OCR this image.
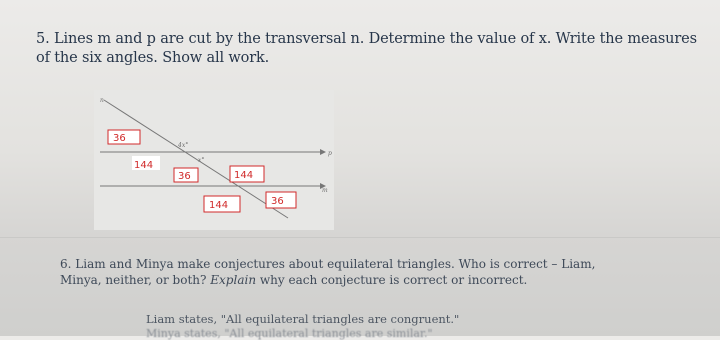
5. Lines m and p are cut by the transversal n. Determine the value of x. Write the measures
of the six angles. Show all work.
n
p
m
4x°
x°
36
144
36	144
144	36
6. Liam and Minya make conjectures about equilateral triangles. Who is correct – Liam,
Minya, neither, or both? Explain why each conjecture is correct or incorrect.
Liam states, "All equilateral triangles are congruent."
Minya states, "All equilateral triangles are similar."
